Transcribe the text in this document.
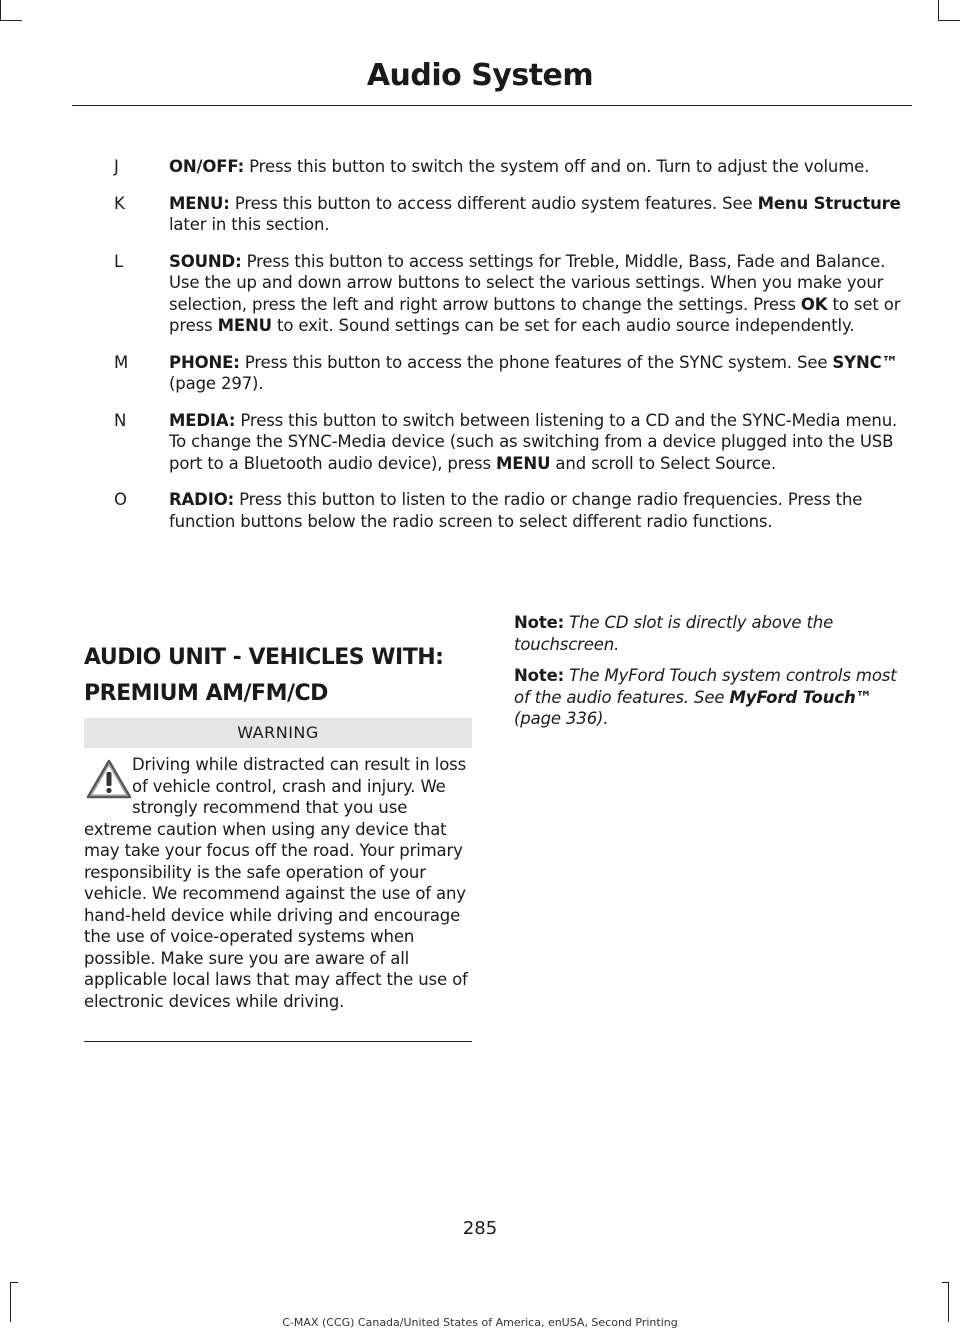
Audio System
J	ON/OFF: Press this button to switch the system off and on. Turn to adjust the volume.
K	MENU: Press this button to access different audio system features. See Menu Structure later in this section.
L	SOUND: Press this button to access settings for Treble, Middle, Bass, Fade and Balance. Use the up and down arrow buttons to select the various settings. When you make your selection, press the left and right arrow buttons to change the settings. Press OK to set or press MENU to exit. Sound settings can be set for each audio source independently.
M PHONE: Press this button to access the phone features of the SYNC system. See SYNC™ (page 297).
N	MEDIA: Press this button to switch between listening to a CD and the SYNC-Media menu. To change the SYNC-Media device (such as switching from a device plugged into the USB port to a Bluetooth audio device), press MENU and scroll to Select Source.
O	RADIO: Press this button to listen to the radio or change radio frequencies. Press the function buttons below the radio screen to select different radio functions.
AUDIO UNIT - VEHICLES WITH:
PREMIUM AM/FM/CD
WARNING

Driving while distracted can result in loss of vehicle control, crash and injury. We strongly recommend that you use extreme caution when using any device that may take your focus off the road. Your primary responsibility is the safe operation of your vehicle. We recommend against the use of any hand-held device while driving and encourage the use of voice-operated systems when possible. Make sure you are aware of all applicable local laws that may affect the use of electronic devices while driving.

Note: The CD slot is directly above the touchscreen.

Note: The MyFord Touch system controls most of the audio features. See MyFord Touch™ (page 336).

285
C-MAX (CCG) Canada/United States of America, enUSA, Second Printing
